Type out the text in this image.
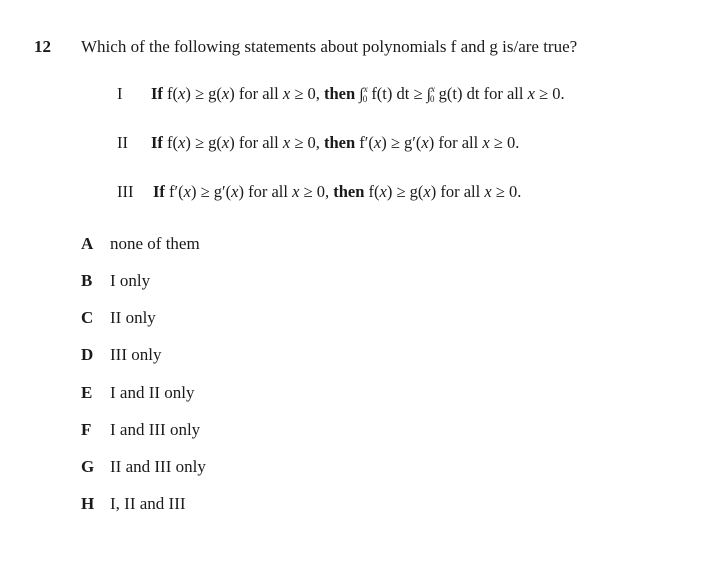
12 Which of the following statements about polynomials f and g is/are true?
I If f(x) ≥ g(x) for all x ≥ 0, then ∫$^x$0 f(t) dt ≥ ∫$^x$0 g(t) dt for all x ≥ 0.
II If f(x) ≥ g(x) for all x ≥ 0, then f′(x) ≥ g′(x) for all x ≥ 0.
III If f′(x) ≥ g′(x) for all x ≥ 0, then f(x) ≥ g(x) for all x ≥ 0.
A none of them
B I only
C II only
D III only
E I and II only
F I and III only
G II and III only
H I, II and III
